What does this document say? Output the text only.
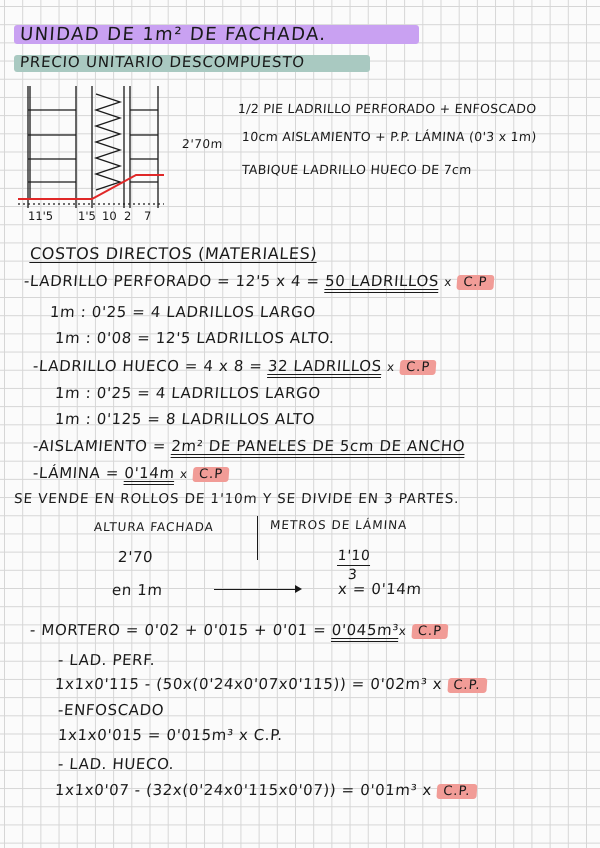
UNIDAD DE 1m² DE FACHADA.
PRECIO UNITARIO DESCOMPUESTO
11'5 1'5 10 2 7
2'70m
1/2 PIE LADRILLO PERFORADO + ENFOSCADO
10cm AISLAMIENTO + P.P. LÁMINA (0'3 x 1m)
TABIQUE LADRILLO HUECO DE 7cm
COSTOS DIRECTOS (MATERIALES)
-LADRILLO PERFORADO = 12'5 x 4 = 50 LADRILLOS x C.P
1m : 0'25 = 4 LADRILLOS LARGO
1m : 0'08 = 12'5 LADRILLOS ALTO.
-LADRILLO HUECO = 4 x 8 = 32 LADRILLOS x C.P
1m : 0'25 = 4 LADRILLOS LARGO
1m : 0'125 = 8 LADRILLOS ALTO
-AISLAMIENTO = 2m² DE PANELES DE 5cm DE ANCHO
-LÁMINA = 0'14m x C.P
SE VENDE EN ROLLOS DE 1'10m Y SE DIVIDE EN 3 PARTES.
ALTURA FACHADA	METROS DE LÁMINA
2'70	$\frac{1'10}{3}$
en 1m	x = 0'14m
- MORTERO = 0'02 + 0'015 + 0'01 = 0'045m³x C.P
- LAD. PERF.
1x1x0'115 - (50x(0'24x0'07x0'115)) = 0'02m³ x C.P.
-ENFOSCADO
1x1x0'015 = 0'015m³ x C.P.
- LAD. HUECO.
1x1x0'07 - (32x(0'24x0'115x0'07)) = 0'01m³ x C.P.
